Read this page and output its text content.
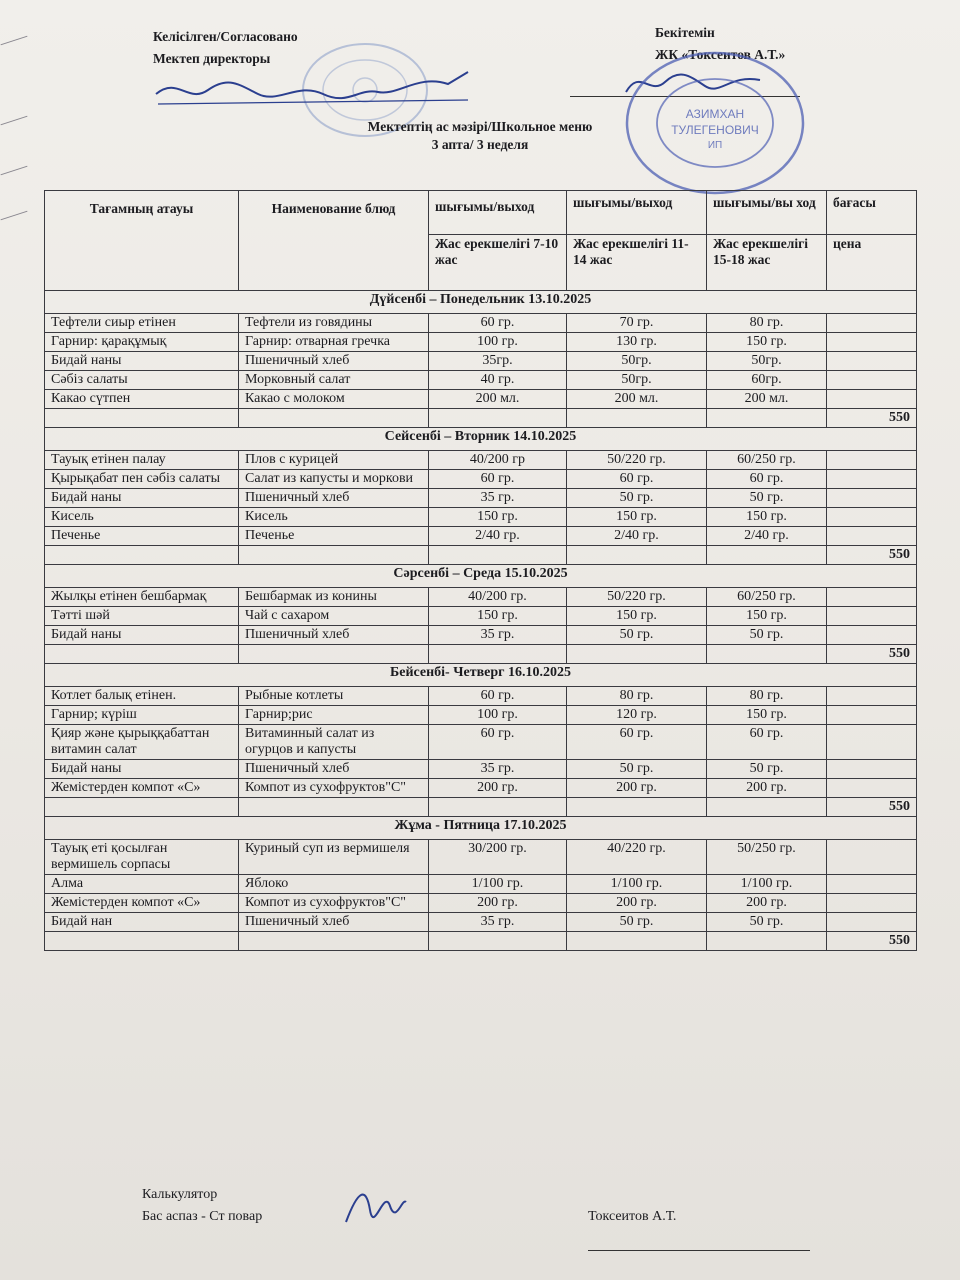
Келісілген/Согласовано
Мектеп директоры
Бекітемін
ЖК «Токсеитов А.Т.»
АЗИМХАН
ТУЛЕГЕНОВИЧ
ИП
Мектептің ас мәзірі/Школьное меню
3 апта/ 3 неделя
Тағамның атауы	Наименование блюд	шығымы/выход	шығымы/выход	шығымы/вы ход	бағасы
		Жас ерекшелігі 7-10 жас	Жас ерекшелігі 11-14 жас	Жас ерекшелігі 15-18 жас	цена
Дүйсенбі – Понедельник 13.10.2025					
Тефтели сиыр етінен	Тефтели из говядины	60 гр.	70 гр.	80 гр.	
Гарнир: қарақұмық	Гарнир: отварная гречка	100 гр.	130 гр.	150 гр.	
Бидай наны	Пшеничный хлеб	35гр.	50гр.	50гр.	
Сәбіз салаты	Морковный салат	40 гр.	50гр.	60гр.	
Какао сүтпен	Какао с молоком	200 мл.	200 мл.	200 мл.	
					550
Сейсенбі – Вторник 14.10.2025					
Тауық етінен палау	Плов с курицей	40/200 гр	50/220 гр.	60/250 гр.	
Қырықабат пен сәбіз салаты	Салат из капусты и моркови	60 гр.	60 гр.	60 гр.	
Бидай наны	Пшеничный хлеб	35 гр.	50 гр.	50 гр.	
Кисель	Кисель	150 гр.	150 гр.	150 гр.	
Печенье	Печенье	2/40 гр.	2/40 гр.	2/40 гр.	
					550
Сәрсенбі – Среда 15.10.2025					
Жылқы етінен бешбармақ	Бешбармак из конины	40/200 гр.	50/220 гр.	60/250 гр.	
Тәтті шәй	Чай с сахаром	150 гр.	150 гр.	150 гр.	
Бидай наны	Пшеничный хлеб	35 гр.	50 гр.	50 гр.	
					550
Бейсенбі- Четверг 16.10.2025					
Котлет балық етінен.	Рыбные котлеты	60 гр.	80 гр.	80 гр.	
Гарнир; күріш	Гарнир;рис	100 гр.	120 гр.	150 гр.	
Қияр және қырыққабаттан витамин салат	Витаминный салат из огурцов и капусты	60 гр.	60 гр.	60 гр.	
Бидай наны	Пшеничный хлеб	35 гр.	50 гр.	50 гр.	
Жемістерден компот «С»	Компот из сухофруктов"С"	200 гр.	200 гр.	200 гр.	
					550
Жұма - Пятница 17.10.2025					
Тауық еті қосылған вермишель сорпасы	Куриный суп из вермишеля	30/200 гр.	40/220 гр.	50/250 гр.	
Алма	Яблоко	1/100 гр.	1/100 гр.	1/100 гр.	
Жемістерден компот «С»	Компот из сухофруктов"С"	200 гр.	200 гр.	200 гр.	
Бидай нан	Пшеничный хлеб	35 гр.	50 гр.	50 гр.	
					550
Калькулятор
Бас аспаз - Ст повар	Токсеитов А.Т.
